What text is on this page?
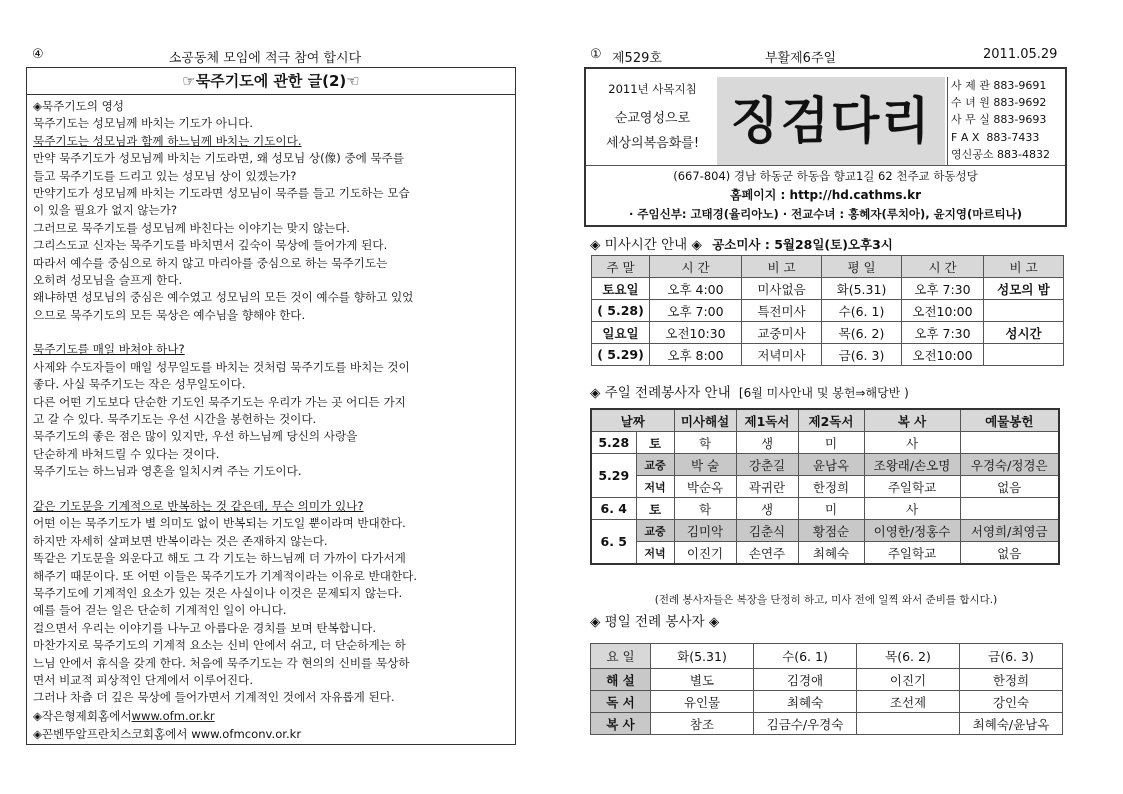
④	소공동체 모임에 적극 참여 합시다	① 제529호	부활제6주일	2011.05.29
☞묵주기도에 관한 글(2)☜
◈묵주기도의 영성
묵주기도는 성모님께 바치는 기도가 아니다.
묵주기도는 성모님과 함께 하느님께 바치는 기도이다.
만약 묵주기도가 성모님께 바치는 기도라면, 왜 성모님 상(像) 중에 묵주를
들고 묵주기도를 드리고 있는 성모님 상이 있겠는가?
만약기도가 성모님께 바치는 기도라면 성모님이 묵주를 들고 기도하는 모습
이 있을 필요가 없지 않는가?
그러므로 묵주기도를 성모님께 바친다는 이야기는 맞지 않는다.
그리스도교 신자는 묵주기도를 바치면서 깊숙이 묵상에 들어가게 된다.
따라서 예수를 중심으로 하지 않고 마리아를 중심으로 하는 묵주기도는
오히려 성모님을 슬프게 한다.
왜냐하면 성모님의 중심은 예수였고 성모님의 모든 것이 예수를 향하고 있었
으므로 묵주기도의 모든 묵상은 예수님을 향해야 한다.
묵주기도를 매일 바쳐야 하나?
사제와 수도자들이 매일 성무일도를 바치는 것처럼 묵주기도를 바치는 것이
좋다. 사실 묵주기도는 작은 성무일도이다.
다른 어떤 기도보다 단순한 기도인 묵주기도는 우리가 가는 곳 어디든 가지
고 갈 수 있다. 묵주기도는 우선 시간을 봉헌하는 것이다.
묵주기도의 좋은 점은 많이 있지만, 우선 하느님께 당신의 사랑을
단순하게 바쳐드릴 수 있다는 것이다.
묵주기도는 하느님과 영혼을 일치시켜 주는 기도이다.
같은 기도문을 기계적으로 반복하는 것 같은데, 무슨 의미가 있나?
어떤 이는 묵주기도가 별 의미도 없이 반복되는 기도일 뿐이라며 반대한다.
하지만 자세히 살펴보면 반복이라는 것은 존재하지 않는다.
똑같은 기도문을 외운다고 해도 그 각 기도는 하느님께 더 가까이 다가서게
해주기 때문이다. 또 어떤 이들은 묵주기도가 기계적이라는 이유로 반대한다.
묵주기도에 기계적인 요소가 있는 것은 사실이나 이것은 문제되지 않는다.
예를 들어 걷는 일은 단순히 기계적인 일이 아니다.
걸으면서 우리는 이야기를 나누고 아름다운 경치를 보며 탄복합니다.
마찬가지로 묵주기도의 기계적 요소는 신비 안에서 쉬고, 더 단순하게는 하
느님 안에서 휴식을 갖게 한다. 처음에 묵주기도는 각 현의의 신비를 묵상하
면서 비교적 피상적인 단계에서 이루어진다.
그러나 차츰 더 깊은 묵상에 들어가면서 기계적인 것에서 자유롭게 된다.
◈작은형제회홈에서www.ofm.or.kr
◈꼰벤뚜알프란치스코회홈에서 www.ofmconv.or.kr
2011년 사목지침
순교영성으로
세상의복음화를! 징검다리
사 제 관 883-9691
수 녀 원 883-9692
사 무 실 883-9693
F A X  883-7433
영신공소 883-4832
(667-804) 경남 하동군 하동읍 향교1길 62 천주교 하동성당
홈페이지 : http://hd.cathms.kr
· 주임신부: 고태경(율리아노) · 전교수녀 : 홍혜자(루치아), 윤지영(마르티나)
◈ 미사시간 안내 ◈ 공소미사 : 5월28일(토)오후3시
주 말	시 간	비 고	평 일	시 간	비 고
토요일	오후 4:00	미사없음	화(5.31)	오후 7:30	성모의 밤
( 5.28)	오후 7:00	특전미사	수(6. 1)	오전10:00	
일요일	오전10:30	교중미사	목(6. 2)	오후 7:30	성시간
( 5.29)	오후 8:00	저녁미사	금(6. 3)	오전10:00	
◈ 주일 전례봉사자 안내 [6월 미사안내 및 봉헌⇒해당반 )
날짜		미사해설	제1독서	제2독서	복 사	예물봉헌
5.28	토	학	생	미	사	
5.29	교중	박 술	강춘길	윤남옥	조왕래/손오명	우경숙/정경은
	저녁	박순옥	곽귀란	한정희	주일학교	없음
6. 4	토	학	생	미	사	
6. 5	교중	김미악	김춘식	황점순	이영한/정홍수	서영희/최영금
	저녁	이진기	손연주	최혜숙	주일학교	없음
(전례 봉사자들은 복장을 단정히 하고, 미사 전에 일찍 와서 준비를 합시다.)
◈ 평일 전례 봉사자 ◈
요 일	화(5.31)	수(6. 1)	목(6. 2)	금(6. 3)
해 설	별도	김경애	이진기	한정희
독 서	유인물	최혜숙	조선제	강인숙
복 사	참조	김금수/우경숙		최혜숙/윤남옥
